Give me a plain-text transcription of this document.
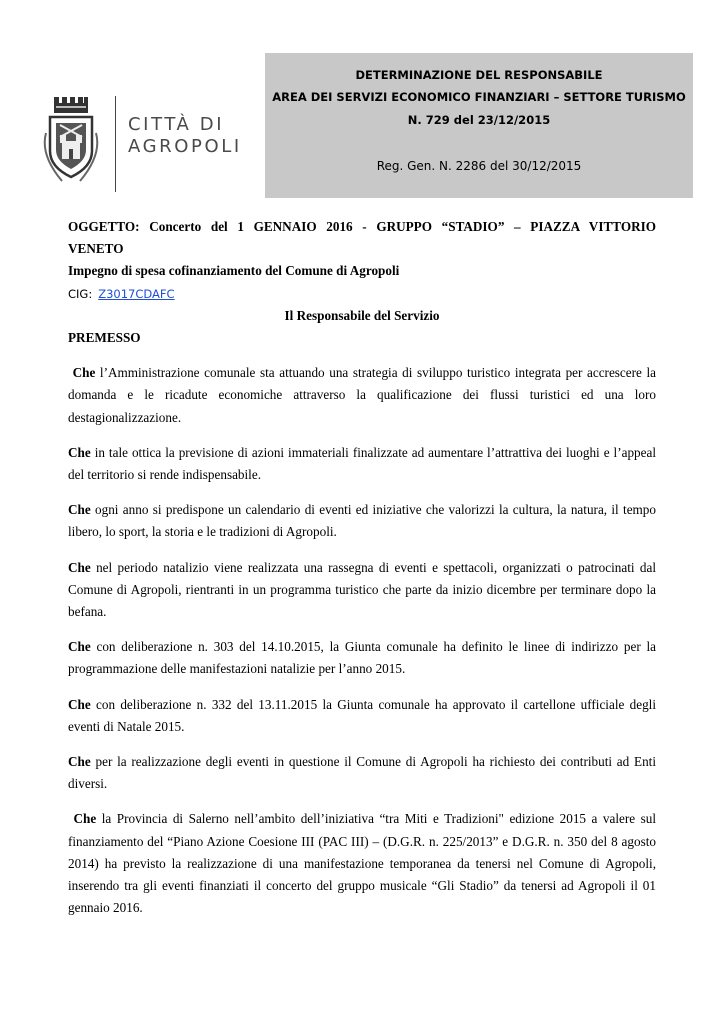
CITTÀ DI
AGROPOLI
DETERMINAZIONE DEL RESPONSABILE
AREA DEI SERVIZI ECONOMICO FINANZIARI – SETTORE TURISMO
N. 729 del 23/12/2015
Reg. Gen. N. 2286 del 30/12/2015

OGGETTO: Concerto del 1 GENNAIO 2016 - GRUPPO “STADIO” – PIAZZA VITTORIO

VENETO

Impegno di spesa cofinanziamento del Comune di Agropoli

CIG: Z3017CDAFC

Il Responsabile del Servizio

PREMESSO

Che l’Amministrazione comunale sta attuando una strategia di sviluppo turistico integrata per accrescere la domanda e le ricadute economiche attraverso la qualificazione dei flussi turistici ed una loro destagionalizzazione.

Che in tale ottica la previsione di azioni immateriali finalizzate ad aumentare l’attrattiva dei luoghi e l’appeal del territorio si rende indispensabile.

Che ogni anno si predispone un calendario di eventi ed iniziative che valorizzi la cultura, la natura, il tempo libero, lo sport, la storia e le tradizioni di Agropoli.

Che nel periodo natalizio viene realizzata una rassegna di eventi e spettacoli, organizzati o patrocinati dal Comune di Agropoli, rientranti in un programma turistico che parte da inizio dicembre per terminare dopo la befana.

Che con deliberazione n. 303 del 14.10.2015, la Giunta comunale ha definito le linee di indirizzo per la programmazione delle manifestazioni natalizie per l’anno 2015.

Che con deliberazione n. 332 del 13.11.2015 la Giunta comunale ha approvato il cartellone ufficiale degli eventi di Natale 2015.

Che per la realizzazione degli eventi in questione il Comune di Agropoli ha richiesto dei contributi ad Enti diversi.

Che la Provincia di Salerno nell’ambito dell’iniziativa “tra Miti e Tradizioni" edizione 2015 a valere sul finanziamento del “Piano Azione Coesione III (PAC III) – (D.G.R. n. 225/2013” e D.G.R. n. 350 del 8 agosto 2014) ha previsto la realizzazione di una manifestazione temporanea da tenersi nel Comune di Agropoli, inserendo tra gli eventi finanziati il concerto del gruppo musicale “Gli Stadio” da tenersi ad Agropoli il 01 gennaio 2016.
